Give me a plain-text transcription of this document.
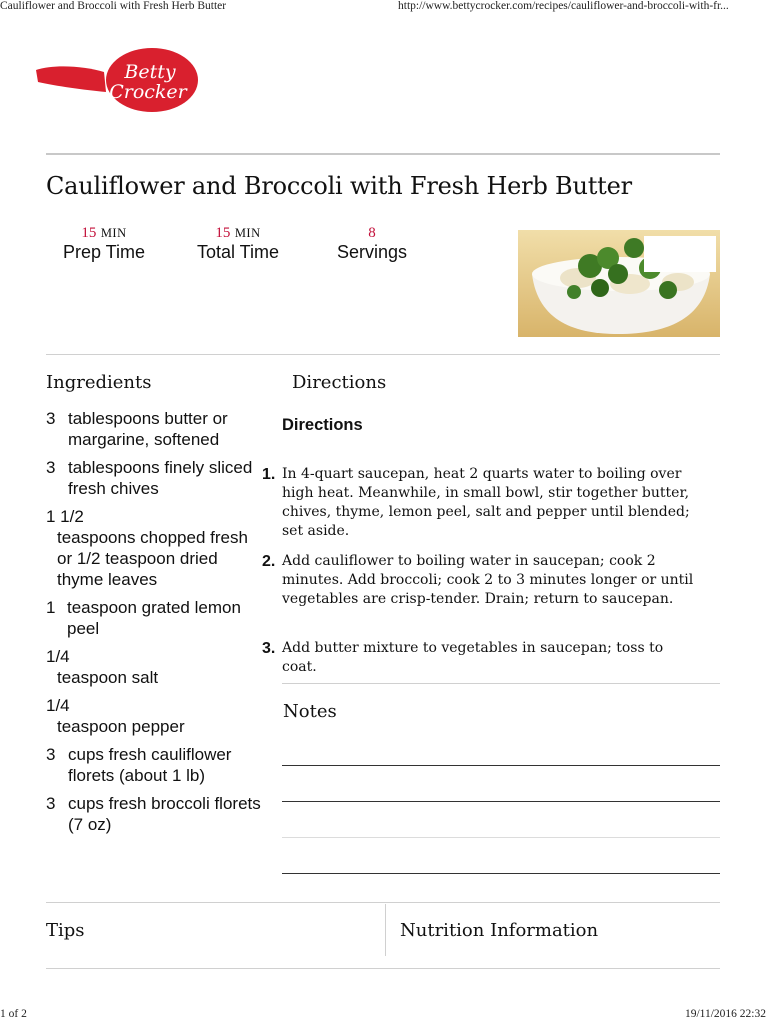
Cauliflower and Broccoli with Fresh Herb Butter	http://www.bettycrocker.com/recipes/cauliflower-and-broccoli-with-fr...
Betty
Crocker
Cauliflower and Broccoli with Fresh Herb Butter
15 MIN
Prep Time
15 MIN
Total Time
8
Servings
Ingredients
3 tablespoons butter or margarine, softened
3 tablespoons finely sliced fresh chives
1 1/2
teaspoons chopped fresh or 1/2 teaspoon dried thyme leaves
1 teaspoon grated lemon peel
1/4
teaspoon salt
1/4
teaspoon pepper
3 cups fresh cauliflower florets (about 1 lb)
3 cups fresh broccoli florets (7 oz)
Directions
Directions
1. In 4-quart saucepan, heat 2 quarts water to boiling over high heat. Meanwhile, in small bowl, stir together butter, chives, thyme, lemon peel, salt and pepper until blended; set aside.
2. Add cauliflower to boiling water in saucepan; cook 2 minutes. Add broccoli; cook 2 to 3 minutes longer or until vegetables are crisp-tender. Drain; return to saucepan.
3. Add butter mixture to vegetables in saucepan; toss to coat.
Notes
Tips	Nutrition Information
1 of 2	19/11/2016 22:32
